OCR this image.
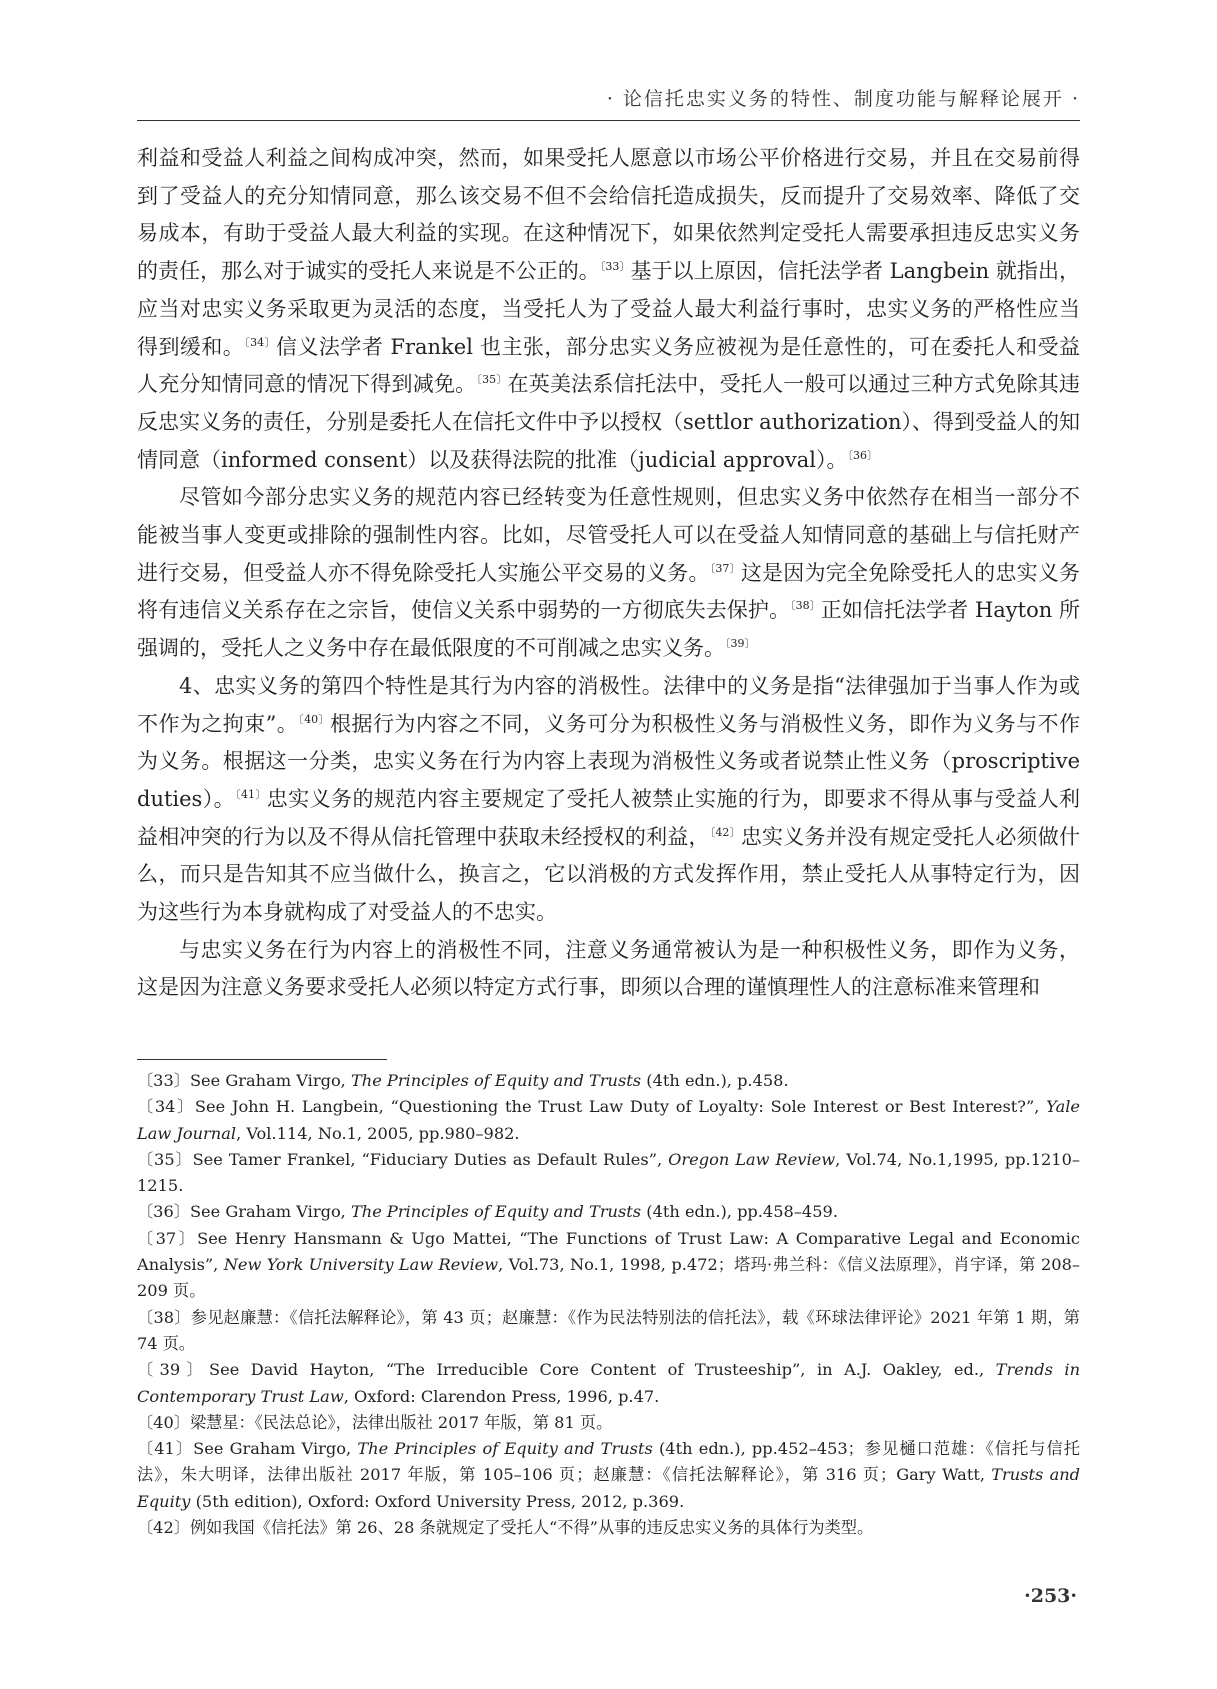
· 论信托忠实义务的特性、制度功能与解释论展开 ·

利益和受益人利益之间构成冲突，然而，如果受托人愿意以市场公平价格进行交易，并且在交易前得到了受益人的充分知情同意，那么该交易不但不会给信托造成损失，反而提升了交易效率、降低了交易成本，有助于受益人最大利益的实现。在这种情况下，如果依然判定受托人需要承担违反忠实义务的责任，那么对于诚实的受托人来说是不公正的。$^{〔33〕}$基于以上原因，信托法学者 Langbein 就指出，应当对忠实义务采取更为灵活的态度，当受托人为了受益人最大利益行事时，忠实义务的严格性应当得到缓和。$^{〔34〕}$信义法学者 Frankel 也主张，部分忠实义务应被视为是任意性的，可在委托人和受益人充分知情同意的情况下得到减免。$^{〔35〕}$在英美法系信托法中，受托人一般可以通过三种方式免除其违反忠实义务的责任，分别是委托人在信托文件中予以授权（settlor authorization）、得到受益人的知情同意（informed consent）以及获得法院的批准（judicial approval）。$^{〔36〕}$

尽管如今部分忠实义务的规范内容已经转变为任意性规则，但忠实义务中依然存在相当一部分不能被当事人变更或排除的强制性内容。比如，尽管受托人可以在受益人知情同意的基础上与信托财产进行交易，但受益人亦不得免除受托人实施公平交易的义务。$^{〔37〕}$这是因为完全免除受托人的忠实义务将有违信义关系存在之宗旨，使信义关系中弱势的一方彻底失去保护。$^{〔38〕}$正如信托法学者 Hayton 所强调的，受托人之义务中存在最低限度的不可削减之忠实义务。$^{〔39〕}$

4、忠实义务的第四个特性是其行为内容的消极性。法律中的义务是指“法律强加于当事人作为或不作为之拘束”。$^{〔40〕}$根据行为内容之不同，义务可分为积极性义务与消极性义务，即作为义务与不作为义务。根据这一分类，忠实义务在行为内容上表现为消极性义务或者说禁止性义务（proscriptive duties）。$^{〔41〕}$忠实义务的规范内容主要规定了受托人被禁止实施的行为，即要求不得从事与受益人利益相冲突的行为以及不得从信托管理中获取未经授权的利益，$^{〔42〕}$忠实义务并没有规定受托人必须做什么，而只是告知其不应当做什么，换言之，它以消极的方式发挥作用，禁止受托人从事特定行为，因为这些行为本身就构成了对受益人的不忠实。

与忠实义务在行为内容上的消极性不同，注意义务通常被认为是一种积极性义务，即作为义务，这是因为注意义务要求受托人必须以特定方式行事，即须以合理的谨慎理性人的注意标准来管理和

〔33〕See Graham Virgo, The Principles of Equity and Trusts (4th edn.), p.458.

〔34〕See John H. Langbein, “Questioning the Trust Law Duty of Loyalty: Sole Interest or Best Interest?”, Yale Law Journal, Vol.114, No.1, 2005, pp.980–982.

〔35〕See Tamer Frankel, “Fiduciary Duties as Default Rules”, Oregon Law Review, Vol.74, No.1,1995, pp.1210–1215.

〔36〕See Graham Virgo, The Principles of Equity and Trusts (4th edn.), pp.458–459.

〔37〕See Henry Hansmann & Ugo Mattei, “The Functions of Trust Law: A Comparative Legal and Economic Analysis”, New York University Law Review, Vol.73, No.1, 1998, p.472；塔玛·弗兰科：《信义法原理》，肖宇译，第 208–209 页。

〔38〕参见赵廉慧：《信托法解释论》，第 43 页；赵廉慧：《作为民法特别法的信托法》，载《环球法律评论》2021 年第 1 期，第 74 页。

〔39〕See David Hayton, “The Irreducible Core Content of Trusteeship”, in A.J. Oakley, ed., Trends in Contemporary Trust Law, Oxford: Clarendon Press, 1996, p.47.

〔40〕梁慧星：《民法总论》，法律出版社 2017 年版，第 81 页。

〔41〕See Graham Virgo, The Principles of Equity and Trusts (4th edn.), pp.452–453；参见樋口范雄：《信托与信托法》，朱大明译，法律出版社 2017 年版，第 105–106 页；赵廉慧：《信托法解释论》，第 316 页；Gary Watt, Trusts and Equity (5th edition), Oxford: Oxford University Press, 2012, p.369.

〔42〕例如我国《信托法》第 26、28 条就规定了受托人“不得”从事的违反忠实义务的具体行为类型。

·253·
